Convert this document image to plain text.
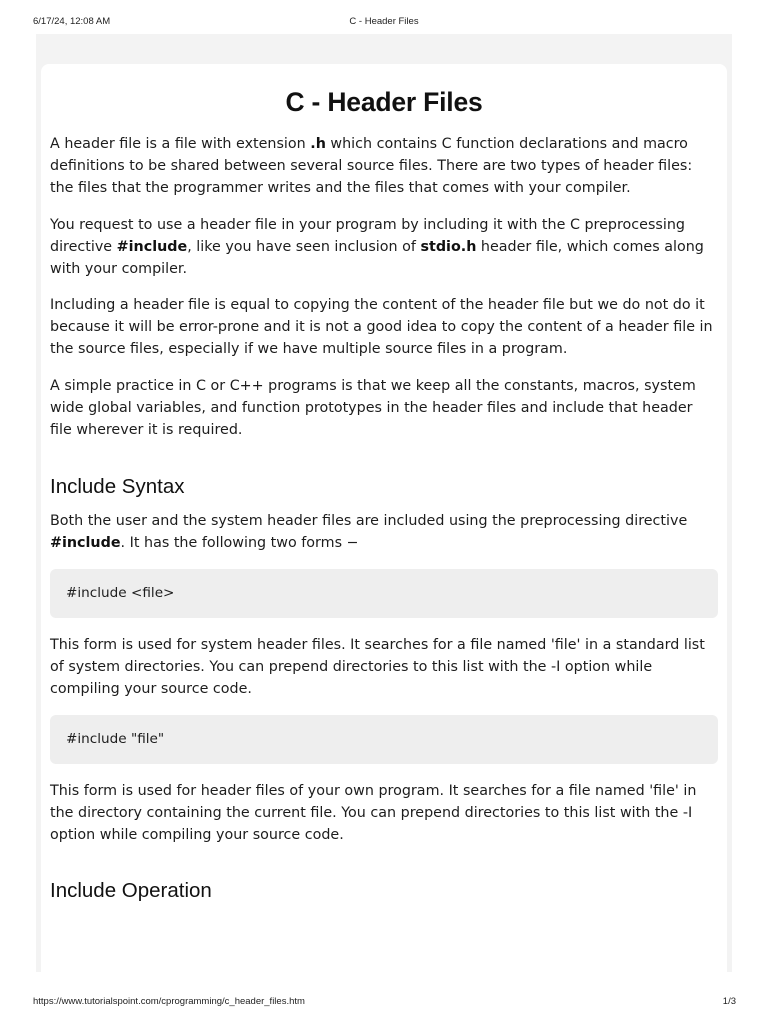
6/17/24, 12:08 AM	C - Header Files
C - Header Files

A header file is a file with extension .h which contains C function declarations and macro definitions to be shared between several source files. There are two types of header files: the files that the programmer writes and the files that comes with your compiler.

You request to use a header file in your program by including it with the C preprocessing directive #include, like you have seen inclusion of stdio.h header file, which comes along with your compiler.

Including a header file is equal to copying the content of the header file but we do not do it because it will be error-prone and it is not a good idea to copy the content of a header file in the source files, especially if we have multiple source files in a program.

A simple practice in C or C++ programs is that we keep all the constants, macros, system wide global variables, and function prototypes in the header files and include that header file wherever it is required.

Include Syntax

Both the user and the system header files are included using the preprocessing directive #include. It has the following two forms −

#include <file>

This form is used for system header files. It searches for a file named 'file' in a standard list of system directories. You can prepend directories to this list with the -I option while compiling your source code.

#include "file"

This form is used for header files of your own program. It searches for a file named 'file' in the directory containing the current file. You can prepend directories to this list with the -I option while compiling your source code.

Include Operation
https://www.tutorialspoint.com/cprogramming/c_header_files.htm	1/3
